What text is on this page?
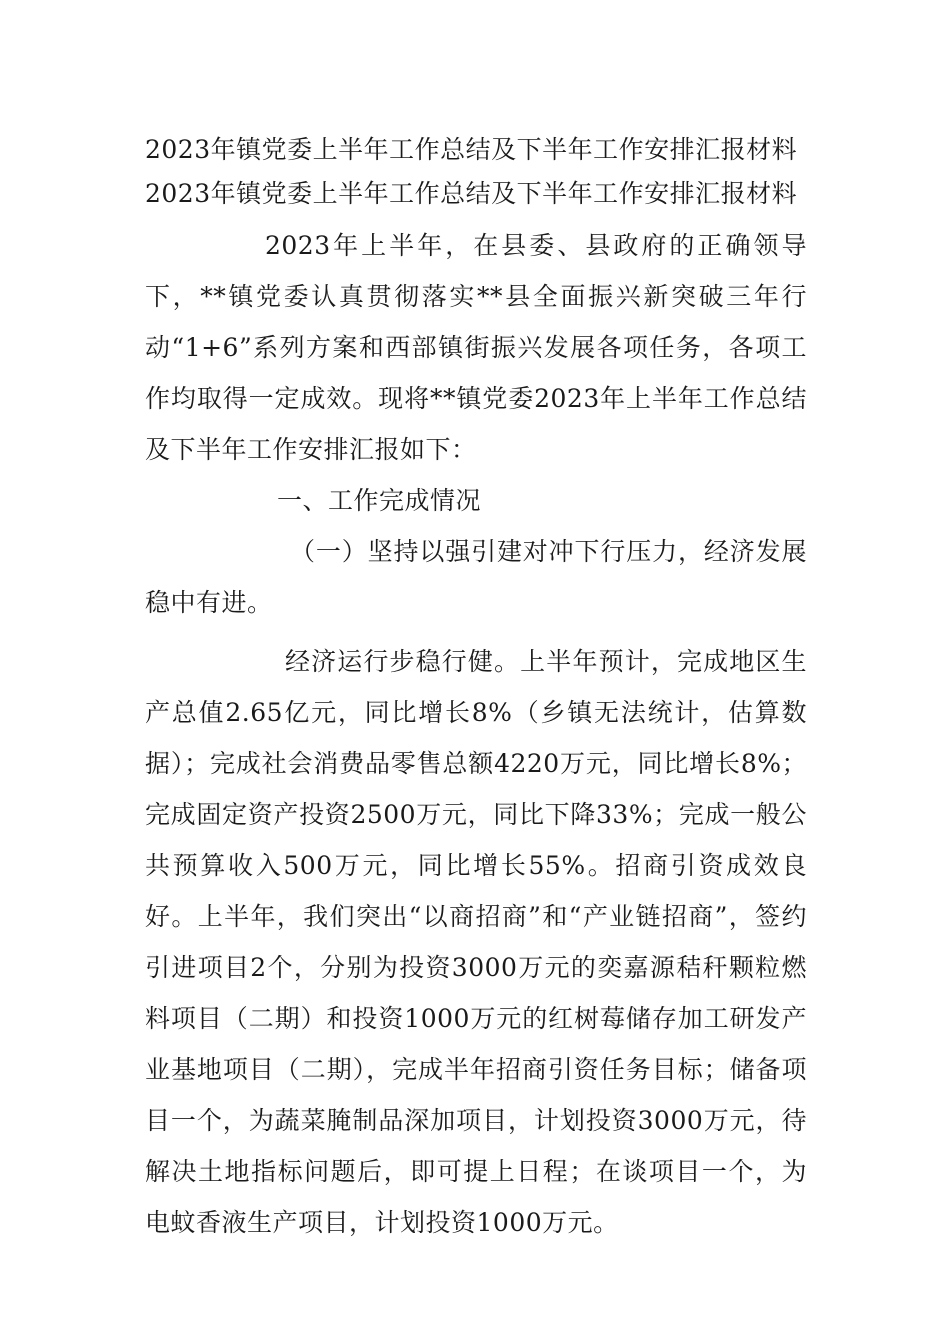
2023年镇党委上半年工作总结及下半年工作安排汇报材料
2023年镇党委上半年工作总结及下半年工作安排汇报材料

2023年上半年，在县委、县政府的正确领导下，**镇党委认真贯彻落实**县全面振兴新突破三年行动“1+6”系列方案和西部镇街振兴发展各项任务，各项工作均取得一定成效。现将**镇党委2023年上半年工作总结及下半年工作安排汇报如下：

一、工作完成情况

（一）坚持以强引建对冲下行压力，经济发展稳中有进。

经济运行步稳行健。上半年预计，完成地区生产总值2.65亿元，同比增长8%（乡镇无法统计，估算数据）；完成社会消费品零售总额4220万元，同比增长8%；完成固定资产投资2500万元，同比下降33%；完成一般公共预算收入500万元，同比增长55%。招商引资成效良好。上半年，我们突出“以商招商”和“产业链招商”，签约引进项目2个，分别为投资3000万元的奕嘉源秸秆颗粒燃料项目（二期）和投资1000万元的红树莓储存加工研发产业基地项目（二期），完成半年招商引资任务目标；储备项目一个，为蔬菜腌制品深加项目，计划投资3000万元，待解决土地指标问题后，即可提上日程；在谈项目一个，为电蚊香液生产项目，计划投资1000万元。
